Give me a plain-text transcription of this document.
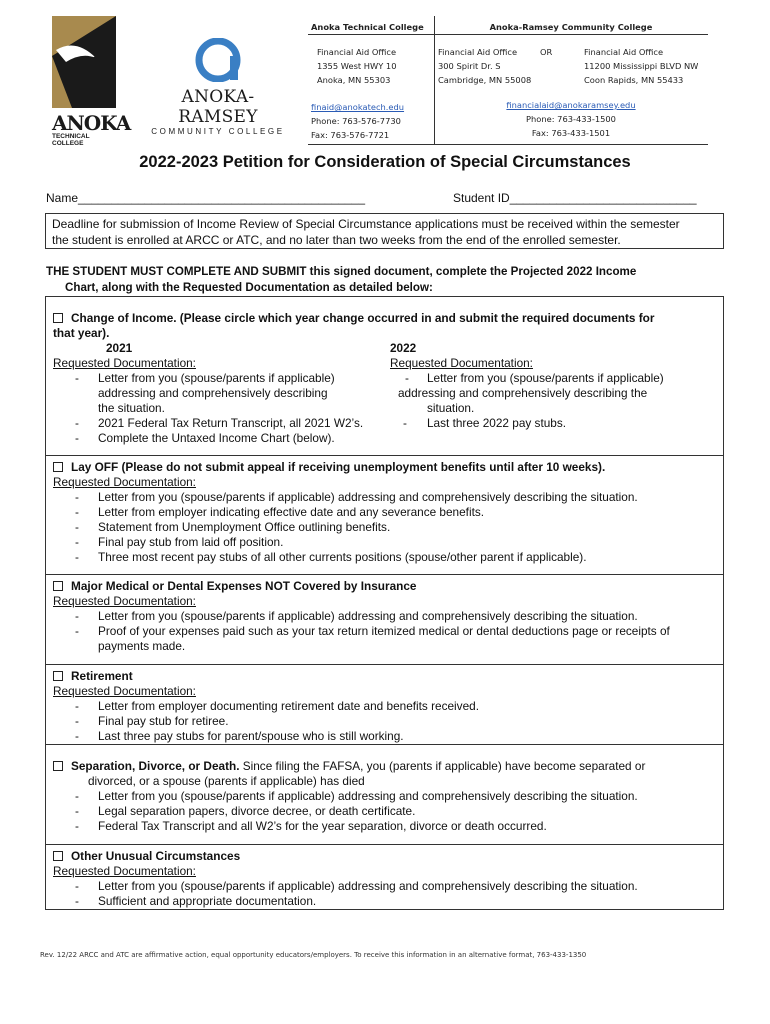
ANOKA
TECHNICAL COLLEGE
ANOKA-RAMSEY
COMMUNITY COLLEGE
Anoka Technical College
Financial Aid Office
1355 West HWY 10
Anoka, MN 55303
finaid@anokatech.edu
Phone: 763-576-7730
Fax: 763-576-7721
Anoka-Ramsey Community College
Financial Aid Office
300 Spirit Dr. S
Cambridge, MN 55008
OR	Financial Aid Office
11200 Mississippi BLVD NW
Coon Rapids, MN 55433
financialaid@anokaramsey.edu
Phone: 763-433-1500
Fax: 763-433-1501
2022-2023 Petition for Consideration of Special Circumstances
Name___________________________________________	Student ID____________________________
Deadline for submission of Income Review of Special Circumstance applications must be received within the semester
the student is enrolled at ARCC or ATC, and no later than two weeks from the end of the enrolled semester.
THE STUDENT MUST COMPLETE AND SUBMIT this signed document, complete the Projected 2022 Income
Chart, along with the Requested Documentation as detailed below:
Change of Income. (Please circle which year change occurred in and submit the required documents for
that year).
2021	2022
Requested Documentation:
- Letter from you (spouse/parents if applicable)
addressing and comprehensively describing
the situation.
- 2021 Federal Tax Return Transcript, all 2021 W2’s.
- Complete the Untaxed Income Chart (below).
Requested Documentation:
- Letter from you (spouse/parents if applicable)
addressing and comprehensively describing the
situation.
- Last three 2022 pay stubs.
Lay OFF (Please do not submit appeal if receiving unemployment benefits until after 10 weeks).
Requested Documentation:
- Letter from you (spouse/parents if applicable) addressing and comprehensively describing the situation.
- Letter from employer indicating effective date and any severance benefits.
- Statement from Unemployment Office outlining benefits.
- Final pay stub from laid off position.
- Three most recent pay stubs of all other currents positions (spouse/other parent if applicable).
Major Medical or Dental Expenses NOT Covered by Insurance
Requested Documentation:
- Letter from you (spouse/parents if applicable) addressing and comprehensively describing the situation.
- Proof of your expenses paid such as your tax return itemized medical or dental deductions page or receipts of
payments made.
Retirement
Requested Documentation:
- Letter from employer documenting retirement date and benefits received.
- Final pay stub for retiree.
- Last three pay stubs for parent/spouse who is still working.
Separation, Divorce, or Death. Since filing the FAFSA, you (parents if applicable) have become separated or
divorced, or a spouse (parents if applicable) has died
- Letter from you (spouse/parents if applicable) addressing and comprehensively describing the situation.
- Legal separation papers, divorce decree, or death certificate.
- Federal Tax Transcript and all W2’s for the year separation, divorce or death occurred.
Other Unusual Circumstances
Requested Documentation:
- Letter from you (spouse/parents if applicable) addressing and comprehensively describing the situation.
- Sufficient and appropriate documentation.
Rev. 12/22 ARCC and ATC are affirmative action, equal opportunity educators/employers. To receive this information in an alternative format, 763-433-1350
